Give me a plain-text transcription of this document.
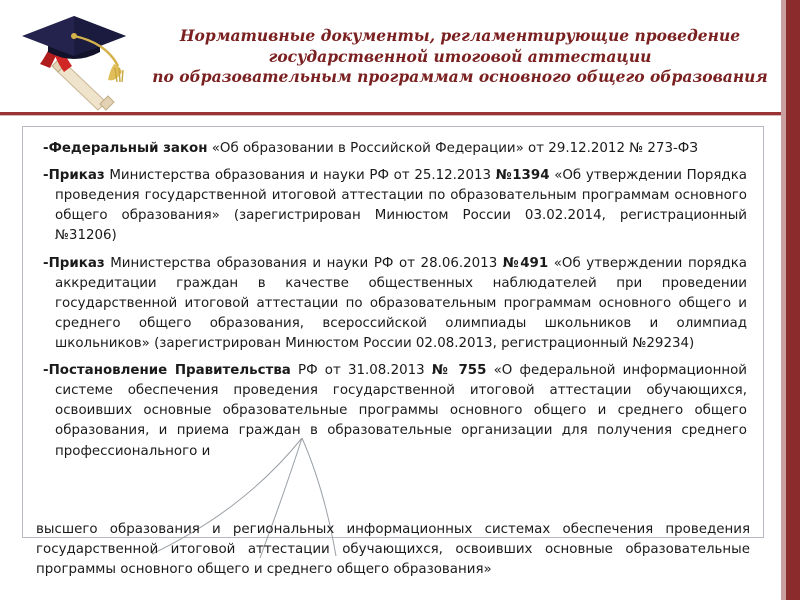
Нормативные документы, регламентирующие проведение государственной итоговой аттестации
по образовательным программам основного общего образования
-Федеральный закон «Об образовании в Российской Федерации» от 29.12.2012 № 273-ФЗ
-Приказ Министерства образования и науки РФ от 25.12.2013 №1394 «Об утверждении Порядка проведения государственной итоговой аттестации по образовательным программам основного общего образования» (зарегистрирован Минюстом России 03.02.2014, регистрационный №31206)
-Приказ Министерства образования и науки РФ от 28.06.2013 №491 «Об утверждении порядка аккредитации граждан в качестве общественных наблюдателей при проведении государственной итоговой аттестации по образовательным программам основного общего и среднего общего образования, всероссийской олимпиады школьников и олимпиад школьников» (зарегистрирован Минюстом России 02.08.2013, регистрационный №29234)
-Постановление Правительства РФ от 31.08.2013 № 755 «О федеральной информационной системе обеспечения проведения государственной итоговой аттестации обучающихся, освоивших основные образовательные программы основного общего и среднего общего образования, и приема граждан в образовательные организации для получения среднего профессионального и
высшего образования и региональных информационных системах обеспечения проведения государственной итоговой аттестации обучающихся, освоивших основные образовательные программы основного общего и среднего общего образования»
